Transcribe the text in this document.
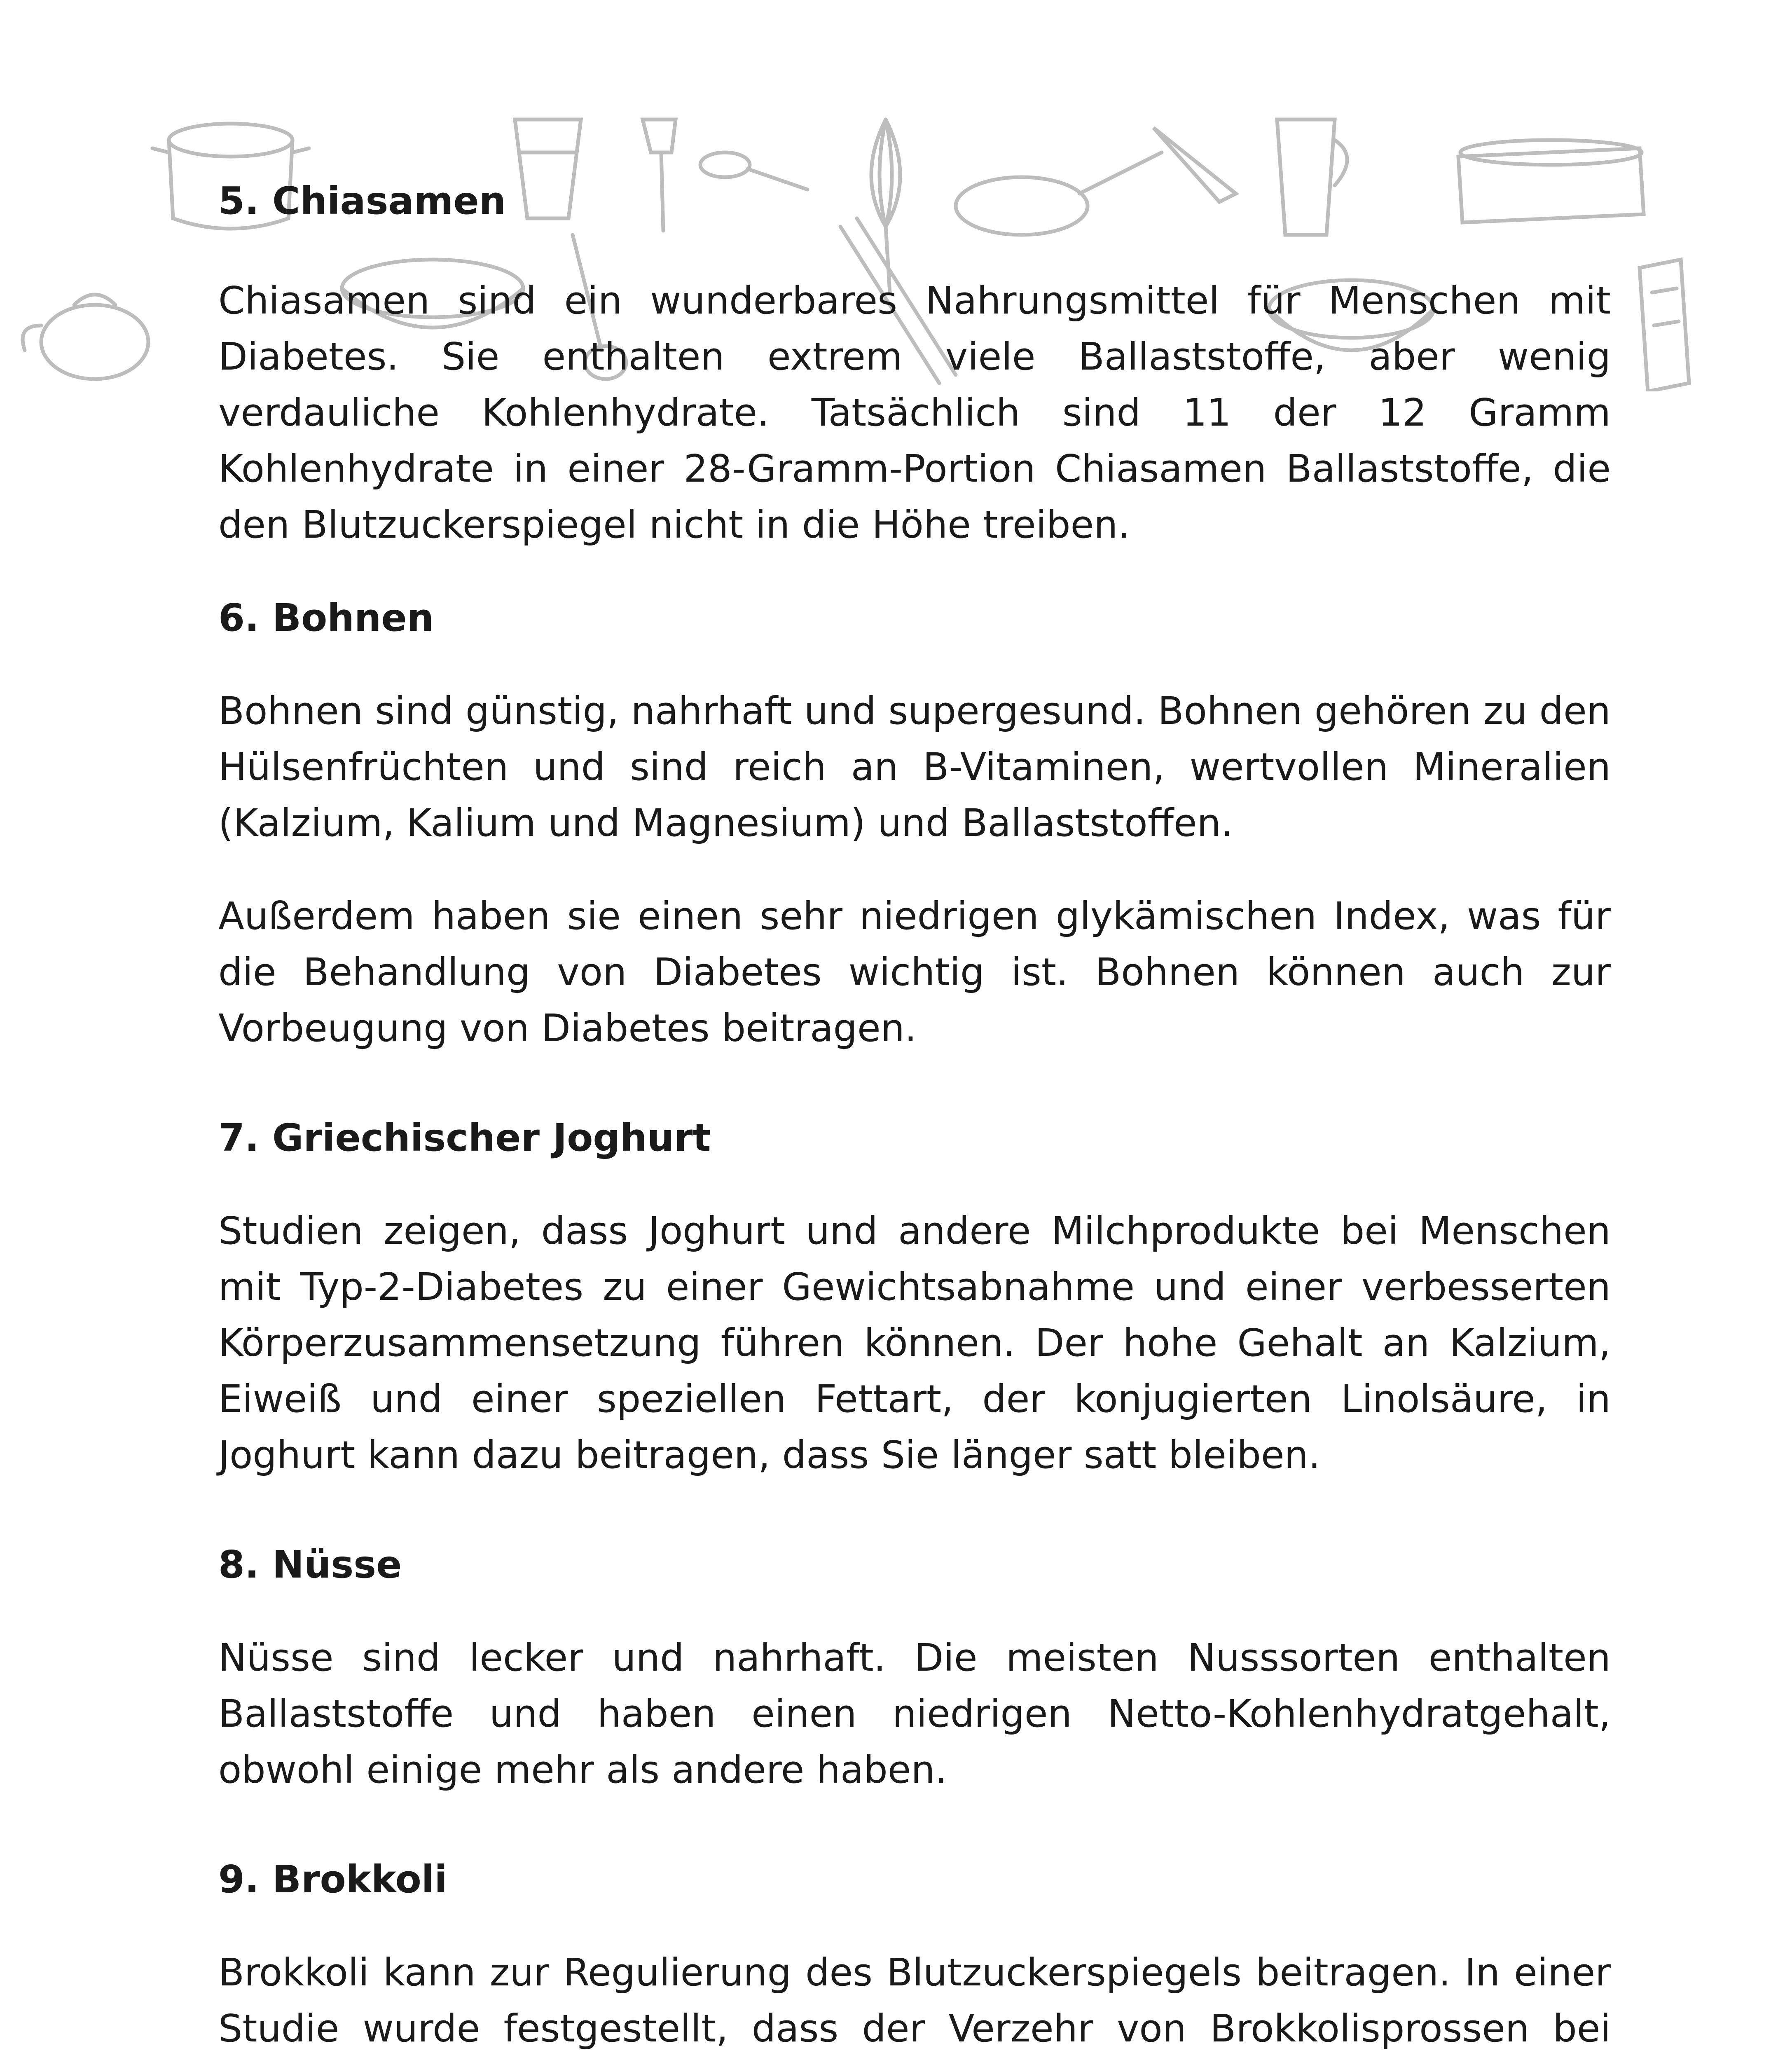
5. Chiasamen

Chiasamen sind ein wunderbares Nahrungsmittel für Menschen mit Diabetes. Sie enthalten extrem viele Ballaststoffe, aber wenig verdauliche Kohlenhydrate. Tatsächlich sind 11 der 12 Gramm Kohlenhydrate in einer 28-Gramm-Portion Chiasamen Ballaststoffe, die den Blutzuckerspiegel nicht in die Höhe treiben.

6. Bohnen

Bohnen sind günstig, nahrhaft und supergesund. Bohnen gehören zu den Hülsenfrüchten und sind reich an B-Vitaminen, wertvollen Mineralien (Kalzium, Kalium und Magnesium) und Ballaststoffen.

Außerdem haben sie einen sehr niedrigen glykämischen Index, was für die Behandlung von Diabetes wichtig ist. Bohnen können auch zur Vorbeugung von Diabetes beitragen.

7. Griechischer Joghurt

Studien zeigen, dass Joghurt und andere Milchprodukte bei Menschen mit Typ-2-Diabetes zu einer Gewichtsabnahme und einer verbesserten Körperzusammensetzung führen können. Der hohe Gehalt an Kalzium, Eiweiß und einer speziellen Fettart, der konjugierten Linolsäure, in Joghurt kann dazu beitragen, dass Sie länger satt bleiben.

8. Nüsse

Nüsse sind lecker und nahrhaft. Die meisten Nusssorten enthalten Ballaststoffe und haben einen niedrigen Netto-Kohlenhydratgehalt, obwohl einige mehr als andere haben.

9. Brokkoli

Brokkoli kann zur Regulierung des Blutzuckerspiegels beitragen. In einer Studie wurde festgestellt, dass der Verzehr von Brokkolisprossen bei
